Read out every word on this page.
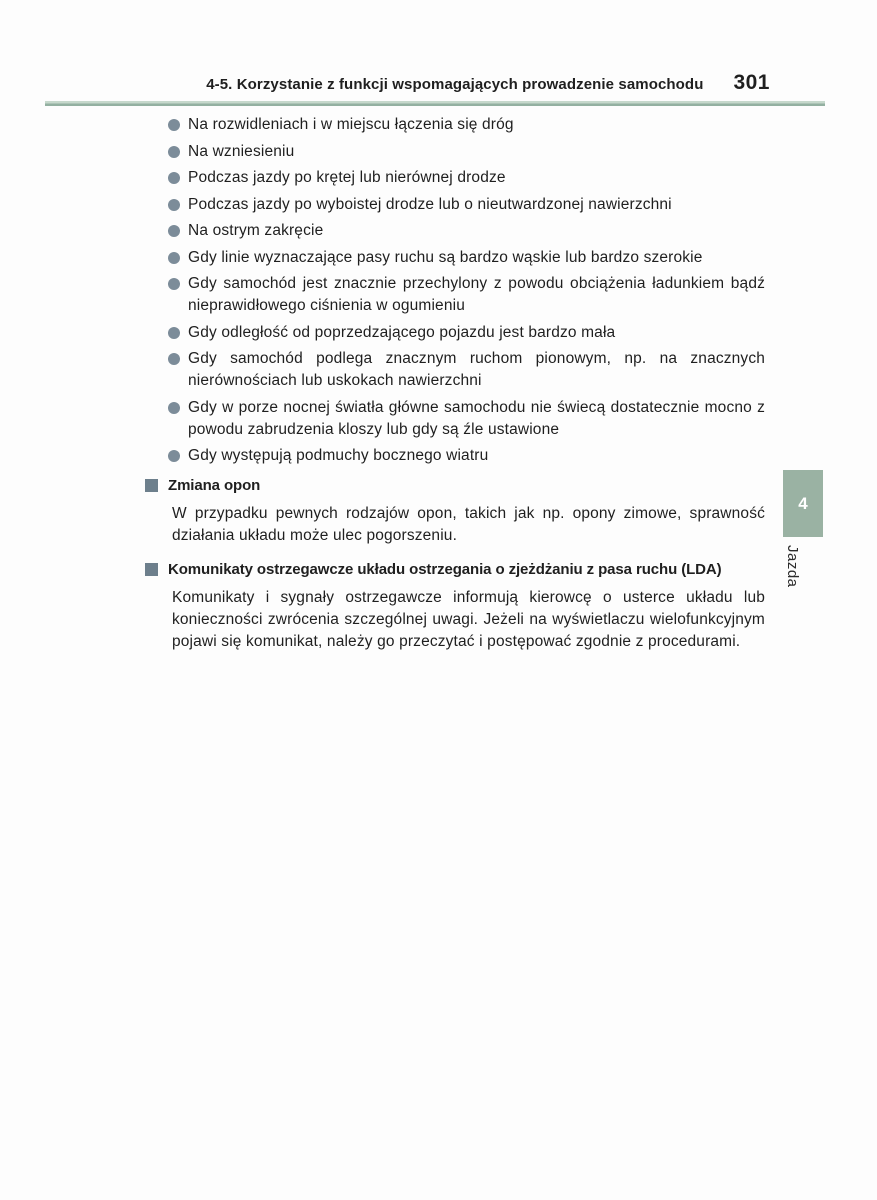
4-5. Korzystanie z funkcji wspomagających prowadzenie samochodu 301
Na rozwidleniach i w miejscu łączenia się dróg
Na wzniesieniu
Podczas jazdy po krętej lub nierównej drodze
Podczas jazdy po wyboistej drodze lub o nieutwardzonej nawierzchni
Na ostrym zakręcie
Gdy linie wyznaczające pasy ruchu są bardzo wąskie lub bardzo szerokie
Gdy samochód jest znacznie przechylony z powodu obciążenia ładunkiem bądź nieprawidłowego ciśnienia w ogumieniu
Gdy odległość od poprzedzającego pojazdu jest bardzo mała
Gdy samochód podlega znacznym ruchom pionowym, np. na znacznych nierównościach lub uskokach nawierzchni
Gdy w porze nocnej światła główne samochodu nie świecą dostatecznie mocno z powodu zabrudzenia kloszy lub gdy są źle ustawione
Gdy występują podmuchy bocznego wiatru
Zmiana opon

W przypadku pewnych rodzajów opon, takich jak np. opony zimowe, sprawność działania układu może ulec pogorszeniu.

Komunikaty ostrzegawcze układu ostrzegania o zjeżdżaniu z pasa ruchu (LDA)

Komunikaty i sygnały ostrzegawcze informują kierowcę o usterce układu lub konieczności zwrócenia szczególnej uwagi. Jeżeli na wyświetlaczu wielofunkcyjnym pojawi się komunikat, należy go przeczytać i postępować zgodnie z procedurami.

4
Jazda
